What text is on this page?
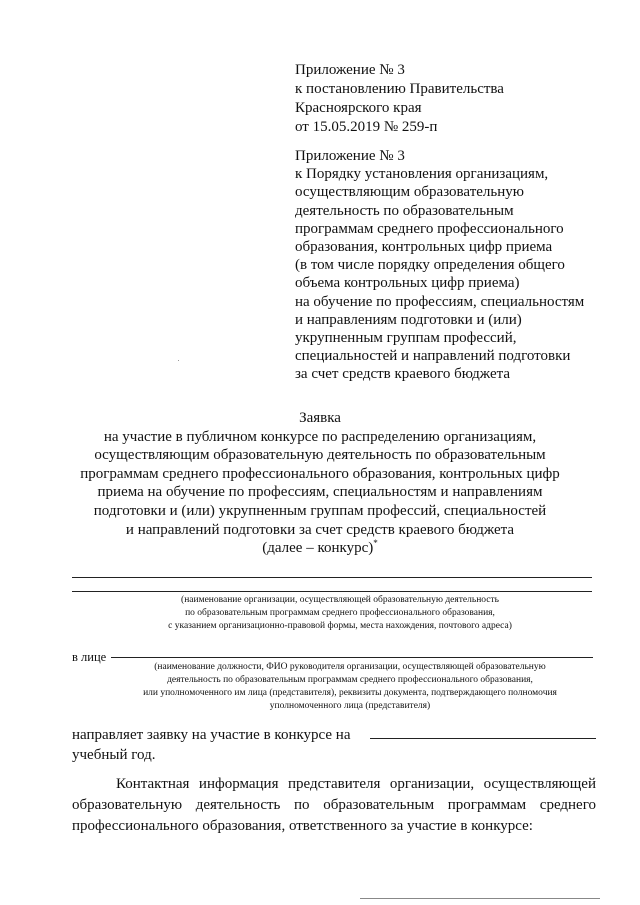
Приложение № 3
к постановлению Правительства
Красноярского края
от 15.05.2019 № 259-п
Приложение № 3
к Порядку установления организациям,
осуществляющим образовательную
деятельность по образовательным
программам среднего профессионального
образования, контрольных цифр приема
(в том числе порядку определения общего
объема контрольных цифр приема)
на обучение по профессиям, специальностям
и направлениям подготовки и (или)
укрупненным группам профессий,
специальностей и направлений подготовки
за счет средств краевого бюджета
Заявка
на участие в публичном конкурсе по распределению организациям,
осуществляющим образовательную деятельность по образовательным
программам среднего профессионального образования, контрольных цифр
приема на обучение по профессиям, специальностям и направлениям
подготовки и (или) укрупненным группам профессий, специальностей
и направлений подготовки за счет средств краевого бюджета
(далее – конкурс)*
(наименование организации, осуществляющей образовательную деятельность
по образовательным программам среднего профессионального образования,
с указанием организационно-правовой формы, места нахождения, почтового адреса)
в лице
(наименование должности, ФИО руководителя организации, осуществляющей образовательную
деятельность по образовательным программам среднего профессионального образования,
или уполномоченного им лица (представителя), реквизиты документа, подтверждающего полномочия
уполномоченного лица (представителя)
направляет заявку на участие в конкурсе на
учебный год.
Контактная информация представителя организации, осуществляющей
образовательную деятельность по образовательным программам среднего
профессионального образования, ответственного за участие в конкурсе:
